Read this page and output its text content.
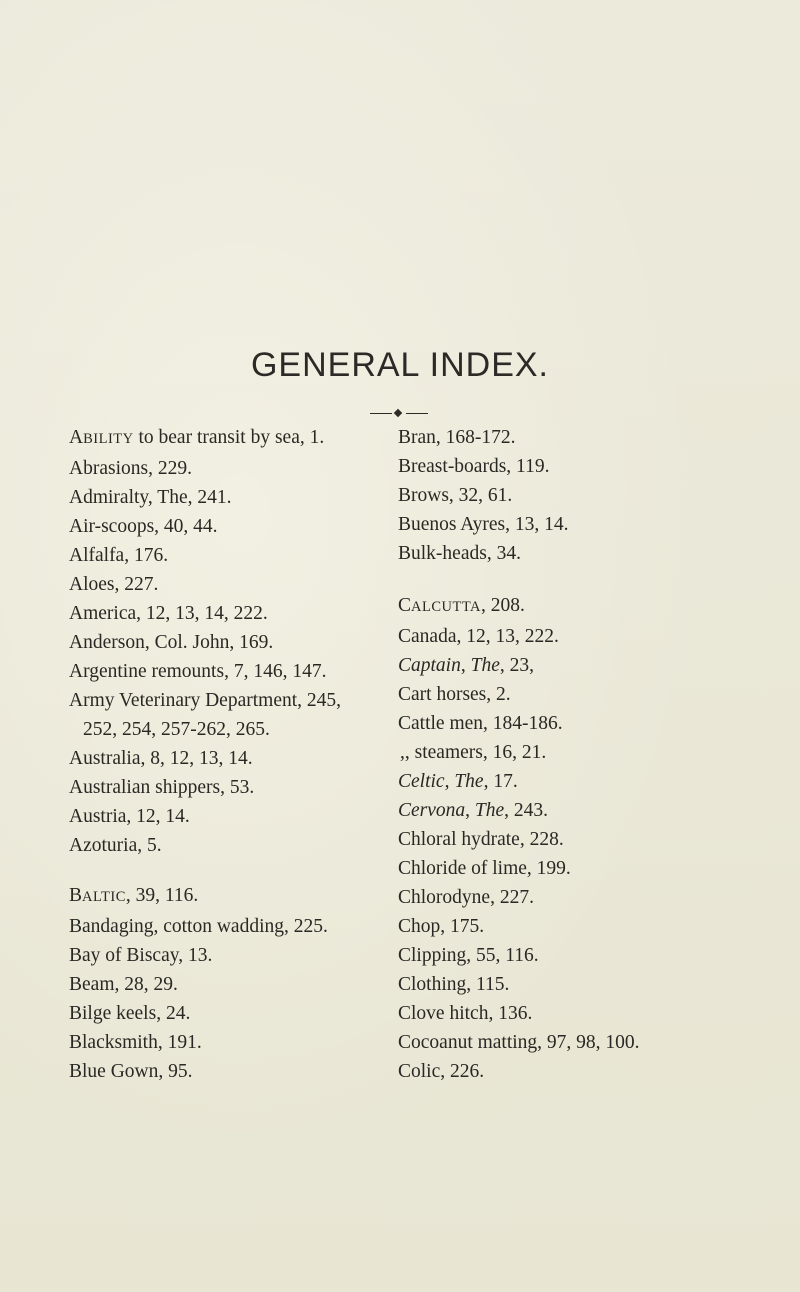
GENERAL INDEX.
ABILITY to bear transit by sea, 1.
Abrasions, 229.
Admiralty, The, 241.
Air-scoops, 40, 44.
Alfalfa, 176.
Aloes, 227.
America, 12, 13, 14, 222.
Anderson, Col. John, 169.
Argentine remounts, 7, 146, 147.
Army Veterinary Department, 245,
252, 254, 257-262, 265.
Australia, 8, 12, 13, 14.
Australian shippers, 53.
Austria, 12, 14.
Azoturia, 5.
BALTIC, 39, 116.
Bandaging, cotton wadding, 225.
Bay of Biscay, 13.
Beam, 28, 29.
Bilge keels, 24.
Blacksmith, 191.
Blue Gown, 95.
Bran, 168-172.
Breast-boards, 119.
Brows, 32, 61.
Buenos Ayres, 13, 14.
Bulk-heads, 34.
CALCUTTA, 208.
Canada, 12, 13, 222.
Captain, The, 23,
Cart horses, 2.
Cattle men, 184-186.
,, steamers, 16, 21.
Celtic, The, 17.
Cervona, The, 243.
Chloral hydrate, 228.
Chloride of lime, 199.
Chlorodyne, 227.
Chop, 175.
Clipping, 55, 116.
Clothing, 115.
Clove hitch, 136.
Cocoanut matting, 97, 98, 100.
Colic, 226.
